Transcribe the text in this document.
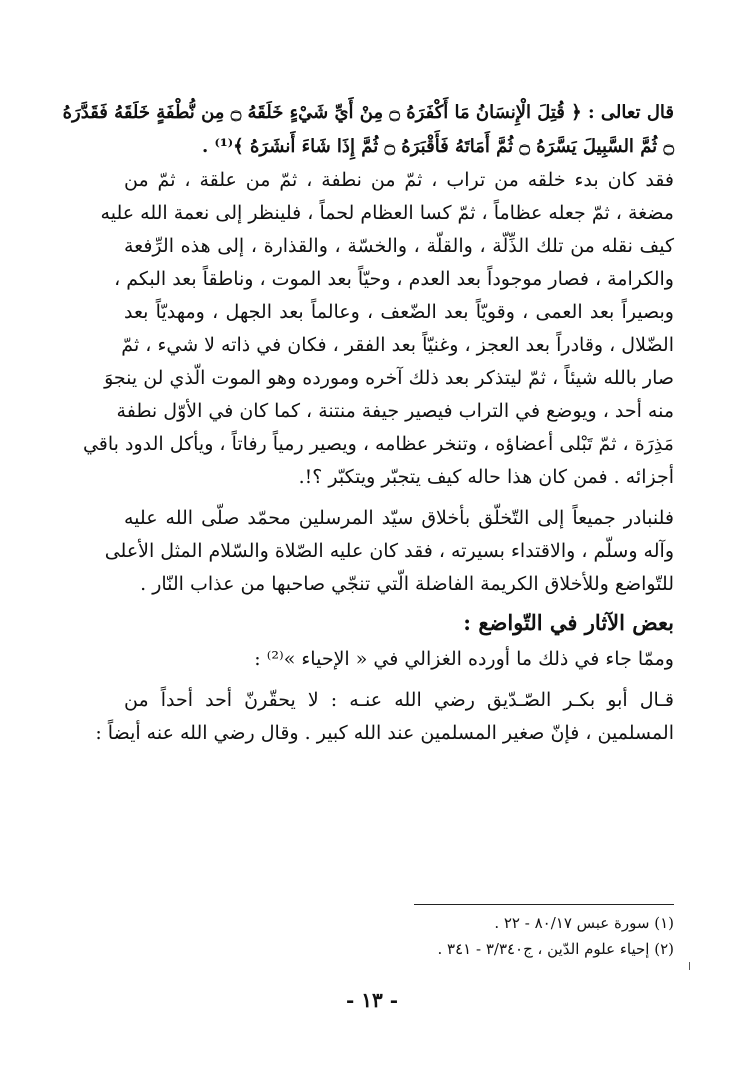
قال تعالى : ﴿ قُتِلَ الْإِنسَانُ مَا أَكْفَرَهُ ۝ مِنْ أَيِّ شَيْءٍ خَلَقَهُ ۝ مِن نُّطْفَةٍ خَلَقَهُ فَقَدَّرَهُ
۝ ثُمَّ السَّبِيلَ يَسَّرَهُ ۝ ثُمَّ أَمَاتَهُ فَأَقْبَرَهُ ۝ ثُمَّ إِذَا شَاءَ أَنشَرَهُ ﴾⁽¹⁾ .
فقد كان بدء خلقه من تراب ، ثمّ من نطفة ، ثمّ من علقة ، ثمّ من
مضغة ، ثمّ جعله عظاماً ، ثمّ كسا العظام لحماً ، فلينظر إلى نعمة الله عليه
كيف نقله من تلك الذِّلّة ، والقلّة ، والخسّة ، والقذارة ، إلى هذه الرِّفعة
والكرامة ، فصار موجوداً بعد العدم ، وحيّاً بعد الموت ، وناطقاً بعد البكم ،
وبصيراً بعد العمى ، وقويّاً بعد الضّعف ، وعالماً بعد الجهل ، ومهديّاً بعد
الضّلال ، وقادراً بعد العجز ، وغنيّاً بعد الفقر ، فكان في ذاته لا شيء ، ثمّ
صار بالله شيئاً ، ثمّ ليتذكر بعد ذلك آخره ومورده وهو الموت الّذي لن ينجوَ
منه أحد ، ويوضع في التراب فيصير جيفة منتنة ، كما كان في الأوّل نطفة
مَذِرَة ، ثمّ تَبْلى أعضاؤه ، وتنخر عظامه ، ويصير رمياً رفاتاً ، ويأكل الدود باقي
أجزائه . فمن كان هذا حاله كيف يتجبّر ويتكبّر ؟!.
فلنبادر جميعاً إلى التّخلّق بأخلاق سيّد المرسلين محمّد صلّى الله عليه
وآله وسلّم ، والاقتداء بسيرته ، فقد كان عليه الصّلاة والسّلام المثل الأعلى
للتّواضع وللأخلاق الكريمة الفاضلة الّتي تنجّي صاحبها من عذاب النّار .
بعض الآثار في التّواضع :
وممّا جاء في ذلك ما أورده الغزالي في « الإحياء »⁽²⁾ :
قـال أبو بكـر الصّـدّيق رضي الله عنـه : لا يحقّرنّ أحد أحداً من
المسلمين ، فإنّ صغير المسلمين عند الله كبير . وقال رضي الله عنه أيضاً :
(١) سورة عبس ٨٠/١٧ - ٢٢ .
(٢) إحياء علوم الدّين ، ج٣/٣٤٠ - ٣٤١ .
- ١٣ -
